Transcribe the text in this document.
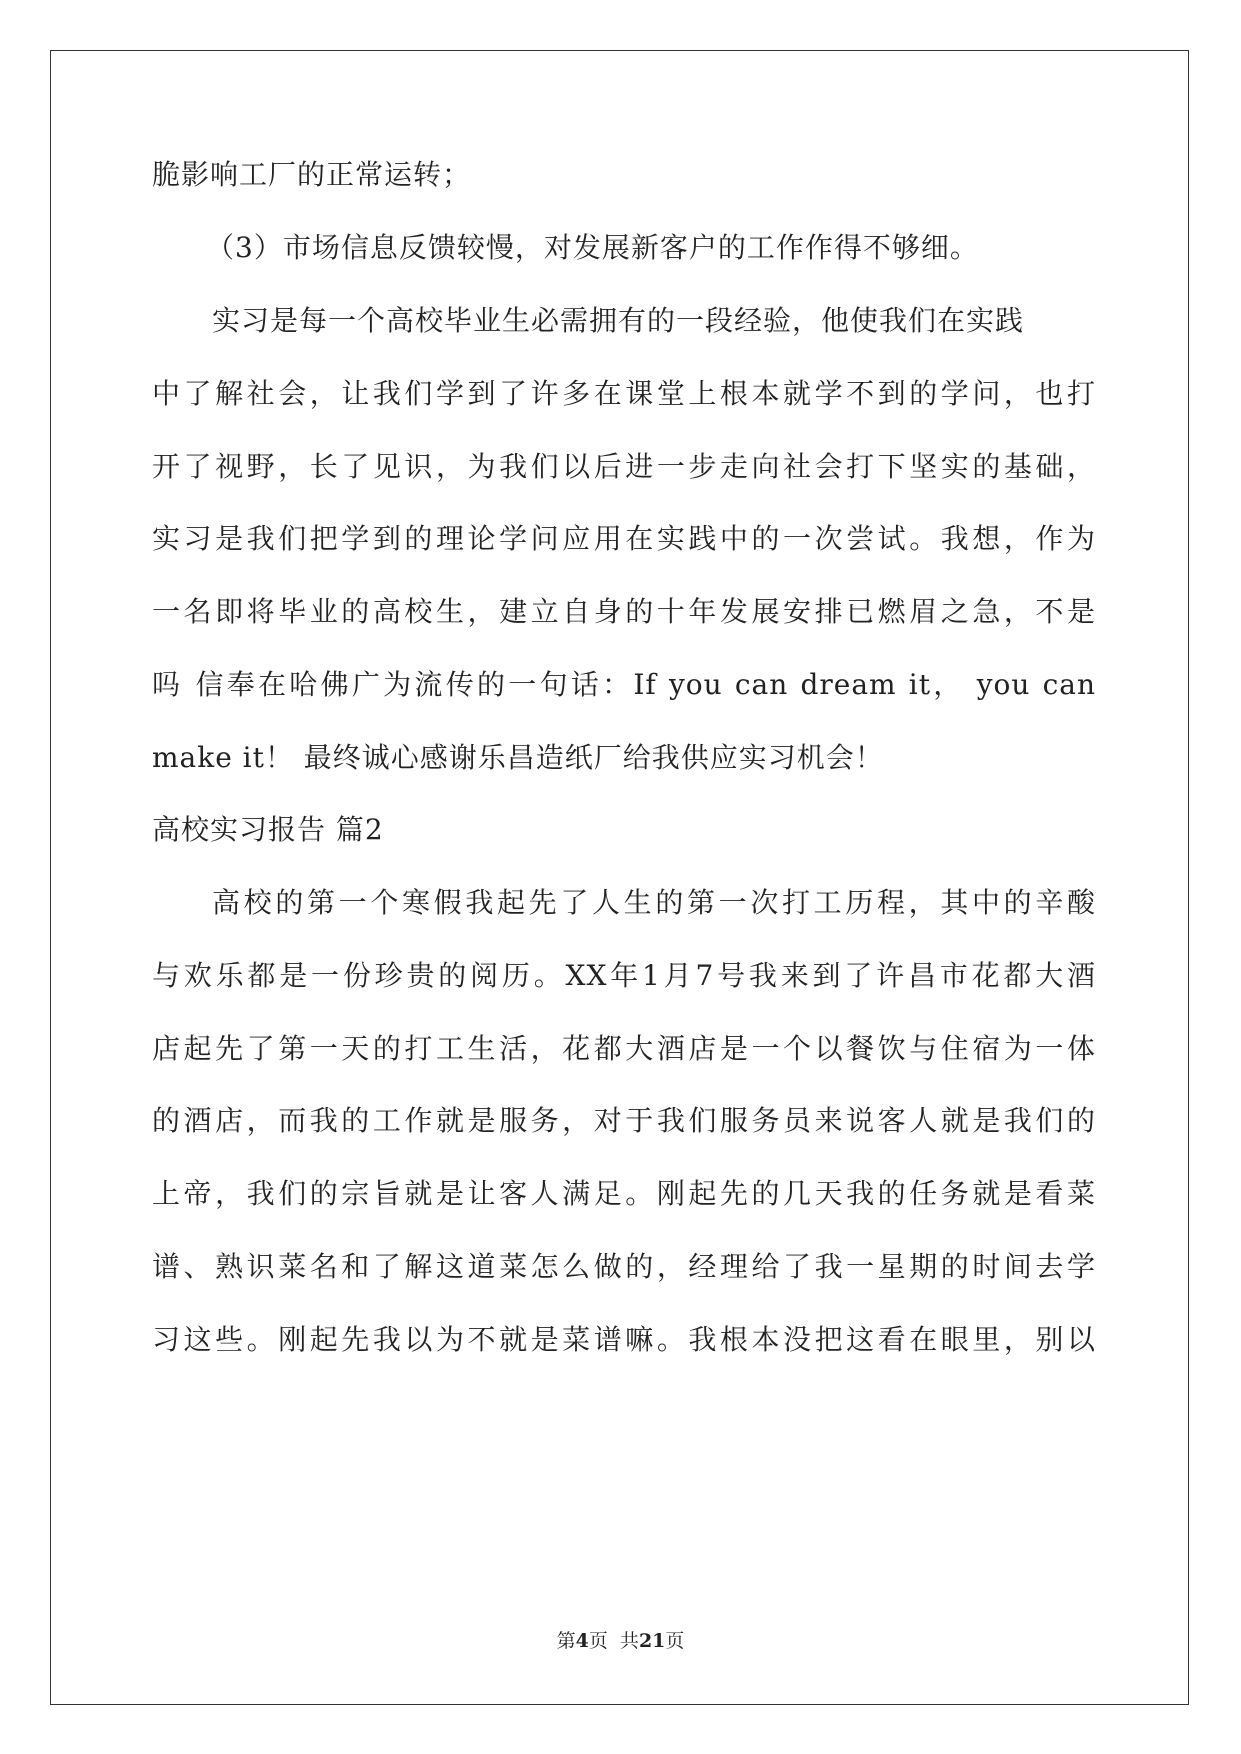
脆影响工厂的正常运转；
（3）市场信息反馈较慢，对发展新客户的工作作得不够细。
实习是每一个高校毕业生必需拥有的一段经验，他使我们在实践
中了解社会，让我们学到了许多在课堂上根本就学不到的学问，也打
开了视野，长了见识，为我们以后进一步走向社会打下坚实的基础，
实习是我们把学到的理论学问应用在实践中的一次尝试。我想，作为
一名即将毕业的高校生，建立自身的十年发展安排已燃眉之急，不是
吗 信奉在哈佛广为流传的一句话：If you can dream it， you can
make it！ 最终诚心感谢乐昌造纸厂给我供应实习机会！
高校实习报告 篇2
高校的第一个寒假我起先了人生的第一次打工历程，其中的辛酸
与欢乐都是一份珍贵的阅历。XX年1月7号我来到了许昌市花都大酒
店起先了第一天的打工生活，花都大酒店是一个以餐饮与住宿为一体
的酒店，而我的工作就是服务，对于我们服务员来说客人就是我们的
上帝，我们的宗旨就是让客人满足。刚起先的几天我的任务就是看菜
谱、熟识菜名和了解这道菜怎么做的，经理给了我一星期的时间去学
习这些。刚起先我以为不就是菜谱嘛。我根本没把这看在眼里，别以
第4页  共21页
